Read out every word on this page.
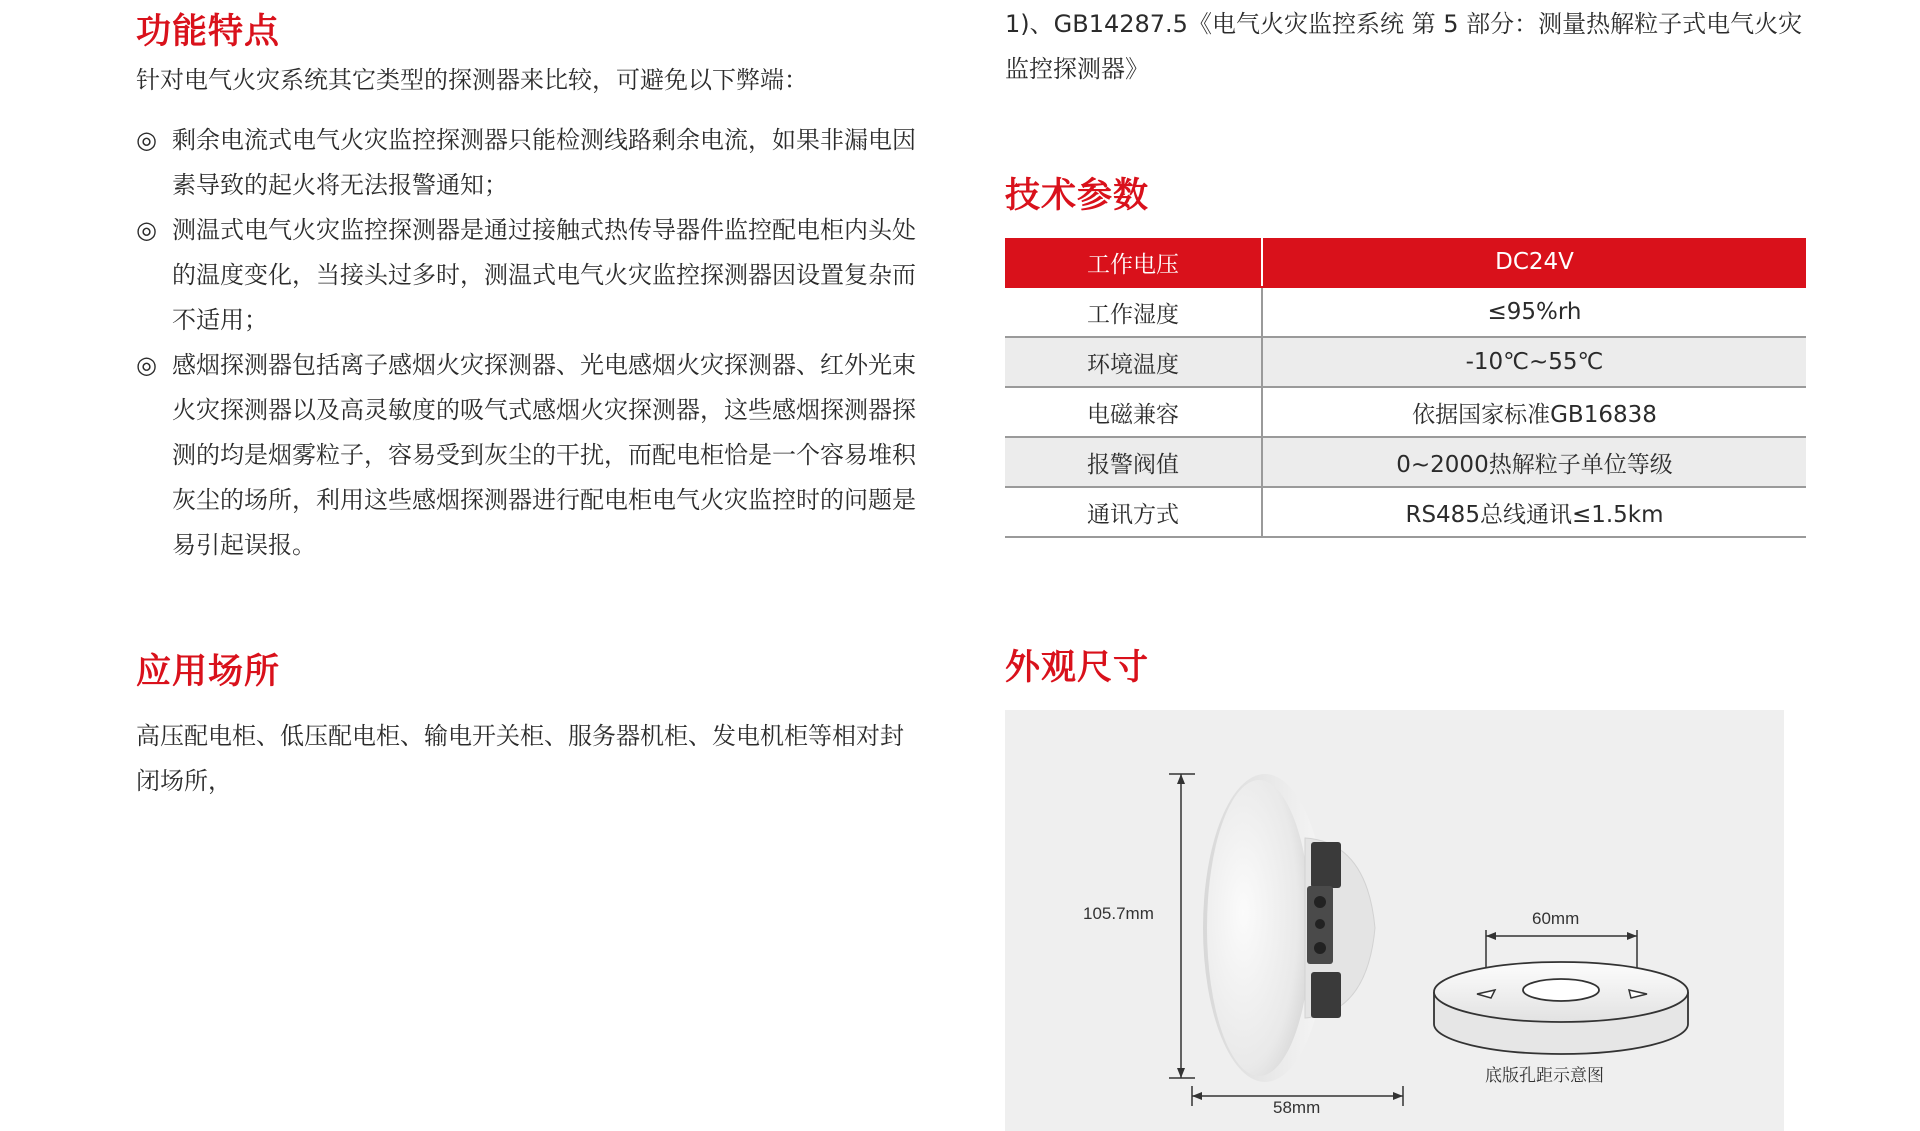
功能特点

针对电气火灾系统其它类型的探测器来比较，可避免以下弊端：

◎ 剩余电流式电气火灾监控探测器只能检测线路剩余电流，如果非漏电因素导致的起火将无法报警通知；
◎ 测温式电气火灾监控探测器是通过接触式热传导器件监控配电柜内头处的温度变化，当接头过多时，测温式电气火灾监控探测器因设置复杂而不适用；
◎ 感烟探测器包括离子感烟火灾探测器、光电感烟火灾探测器、红外光束火灾探测器以及高灵敏度的吸气式感烟火灾探测器，这些感烟探测器探测的均是烟雾粒子，容易受到灰尘的干扰，而配电柜恰是一个容易堆积灰尘的场所，利用这些感烟探测器进行配电柜电气火灾监控时的问题是易引起误报。
应用场所

高压配电柜、低压配电柜、输电开关柜、服务器机柜、发电机柜等相对封闭场所，

1)、GB14287.5《电气火灾监控系统 第 5 部分：测量热解粒子式电气火灾监控探测器》

技术参数
工作电压	DC24V
工作湿度	≤95%rh
环境温度	-10℃~55℃
电磁兼容	依据国家标准GB16838
报警阀值	0~2000热解粒子单位等级
通讯方式	RS485总线通讯≤1.5km
外观尺寸
105.7mm
58mm
60mm
底版孔距示意图
